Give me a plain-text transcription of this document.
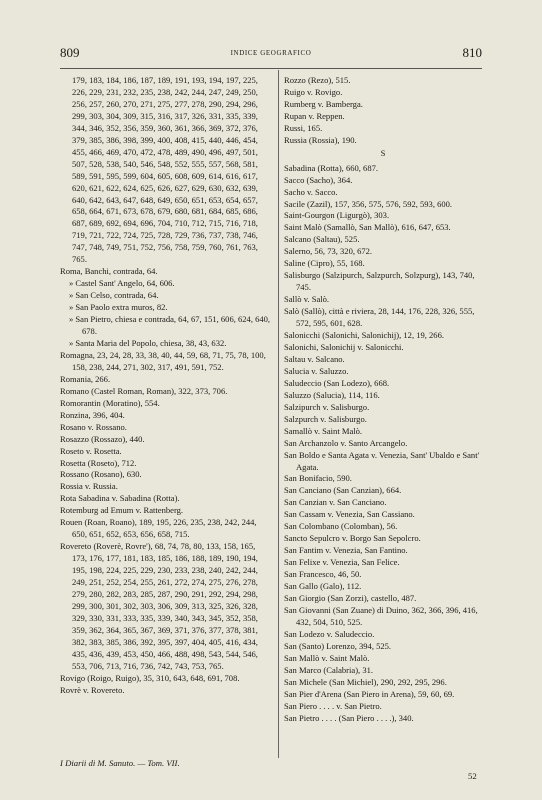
809	INDICE GEOGRAFICO	810
179, 183, 184, 186, 187, 189, 191, 193, 194, 197, 225, 226, 229, 231, 232, 235, 238, 242, 244, 247, 249, 250, 256, 257, 260, 270, 271, 275, 277, 278, 290, 294, 296, 299, 303, 304, 309, 315, 316, 317, 326, 331, 335, 339, 344, 346, 352, 356, 359, 360, 361, 366, 369, 372, 376, 379, 385, 386, 398, 399, 400, 408, 415, 440, 446, 454, 455, 466, 469, 470, 472, 478, 489, 490, 496, 497, 501, 507, 528, 538, 540, 546, 548, 552, 555, 557, 568, 581, 589, 591, 595, 599, 604, 605, 608, 609, 614, 616, 617, 620, 621, 622, 624, 625, 626, 627, 629, 630, 632, 639, 640, 642, 643, 647, 648, 649, 650, 651, 653, 654, 657, 658, 664, 671, 673, 678, 679, 680, 681, 684, 685, 686, 687, 689, 692, 694, 696, 704, 710, 712, 715, 716, 718, 719, 721, 722, 724, 725, 728, 729, 736, 737, 738, 746, 747, 748, 749, 751, 752, 756, 758, 759, 760, 761, 763, 765.
Roma, Banchi, contrada, 64.
» Castel Sant' Angelo, 64, 606.
» San Celso, contrada, 64.
» San Paolo extra muros, 82.
» San Pietro, chiesa e contrada, 64, 67, 151, 606, 624, 640, 678.
» Santa Maria del Popolo, chiesa, 38, 43, 632.
Romagna, 23, 24, 28, 33, 38, 40, 44, 59, 68, 71, 75, 78, 100, 158, 238, 244, 271, 302, 317, 491, 591, 752.
Romania, 266.
Romano (Castel Roman, Roman), 322, 373, 706.
Romorantin (Moratino), 554.
Ronzina, 396, 404.
Rosano v. Rossano.
Rosazzo (Rossazo), 440.
Roseto v. Rosetta.
Rosetta (Roseto), 712.
Rossano (Rosano), 630.
Rossia v. Russia.
Rota Sabadina v. Sabadina (Rotta).
Rotemburg ad Emum v. Rattenberg.
Rouen (Roan, Roano), 189, 195, 226, 235, 238, 242, 244, 650, 651, 652, 653, 656, 658, 715.
Rovereto (Roverè, Rovre'), 68, 74, 78, 80, 133, 158, 165, 173, 176, 177, 181, 183, 185, 186, 188, 189, 190, 194, 195, 198, 224, 225, 229, 230, 233, 238, 240, 242, 244, 249, 251, 252, 254, 255, 261, 272, 274, 275, 276, 278, 279, 280, 282, 283, 285, 287, 290, 291, 292, 294, 298, 299, 300, 301, 302, 303, 306, 309, 313, 325, 326, 328, 329, 330, 331, 333, 335, 339, 340, 343, 345, 352, 358, 359, 362, 364, 365, 367, 369, 371, 376, 377, 378, 381, 382, 383, 385, 386, 392, 395, 397, 404, 405, 416, 434, 435, 436, 439, 453, 450, 466, 488, 498, 543, 544, 546, 553, 706, 713, 716, 736, 742, 743, 753, 765.
Rovigo (Roigo, Ruigo), 35, 310, 643, 648, 691, 708.
Rovrè v. Rovereto.
Rozzo (Rezo), 515.
Ruigo v. Rovigo.
Rumberg v. Bamberga.
Rupan v. Reppen.
Russi, 165.
Russia (Rossia), 190.
S
Sabadina (Rotta), 660, 687.
Sacco (Sacho), 364.
Sacho v. Sacco.
Sacile (Zazil), 157, 356, 575, 576, 592, 593, 600.
Saint-Gourgon (Ligurgò), 303.
Saint Malò (Samallò, San Mallò), 616, 647, 653.
Salcano (Saltau), 525.
Salerno, 56, 73, 320, 672.
Saline (Cipro), 55, 168.
Salisburgo (Salzipurch, Salzpurch, Solzpurg), 143, 740, 745.
Sallò v. Salò.
Salò (Sallò), città e riviera, 28, 144, 176, 228, 326, 555, 572, 595, 601, 628.
Salonicchi (Salonichi, Salonichij), 12, 19, 266.
Salonichi, Salonichij v. Salonicchi.
Saltau v. Salcano.
Salucia v. Saluzzo.
Saludeccio (San Lodezo), 668.
Saluzzo (Salucia), 114, 116.
Salzipurch v. Salisburgo.
Salzpurch v. Salisburgo.
Samallò v. Saint Malò.
San Archanzolo v. Santo Arcangelo.
San Boldo e Santa Agata v. Venezia, Sant' Ubaldo e Sant' Agata.
San Bonifacio, 590.
San Canciano (San Canzian), 664.
San Canzian v. San Canciano.
San Cassam v. Venezia, San Cassiano.
San Colombano (Colomban), 56.
Sancto Sepulcro v. Borgo San Sepolcro.
San Fantim v. Venezia, San Fantino.
San Felixe v. Venezia, San Felice.
San Francesco, 46, 50.
San Gallo (Galo), 112.
San Giorgio (San Zorzi), castello, 487.
San Giovanni (San Zuane) di Duino, 362, 366, 396, 416, 432, 504, 510, 525.
San Lodezo v. Saludeccio.
San (Santo) Lorenzo, 394, 525.
San Mallò v. Saint Malò.
San Marco (Calabria), 31.
San Michele (San Michiel), 290, 292, 295, 296.
San Pier d'Arena (San Piero in Arena), 59, 60, 69.
San Piero . . . . v. San Pietro.
San Pietro . . . . (San Piero . . . .), 340.
I Diarii di M. Sanuto. — Tom. VII.
52
